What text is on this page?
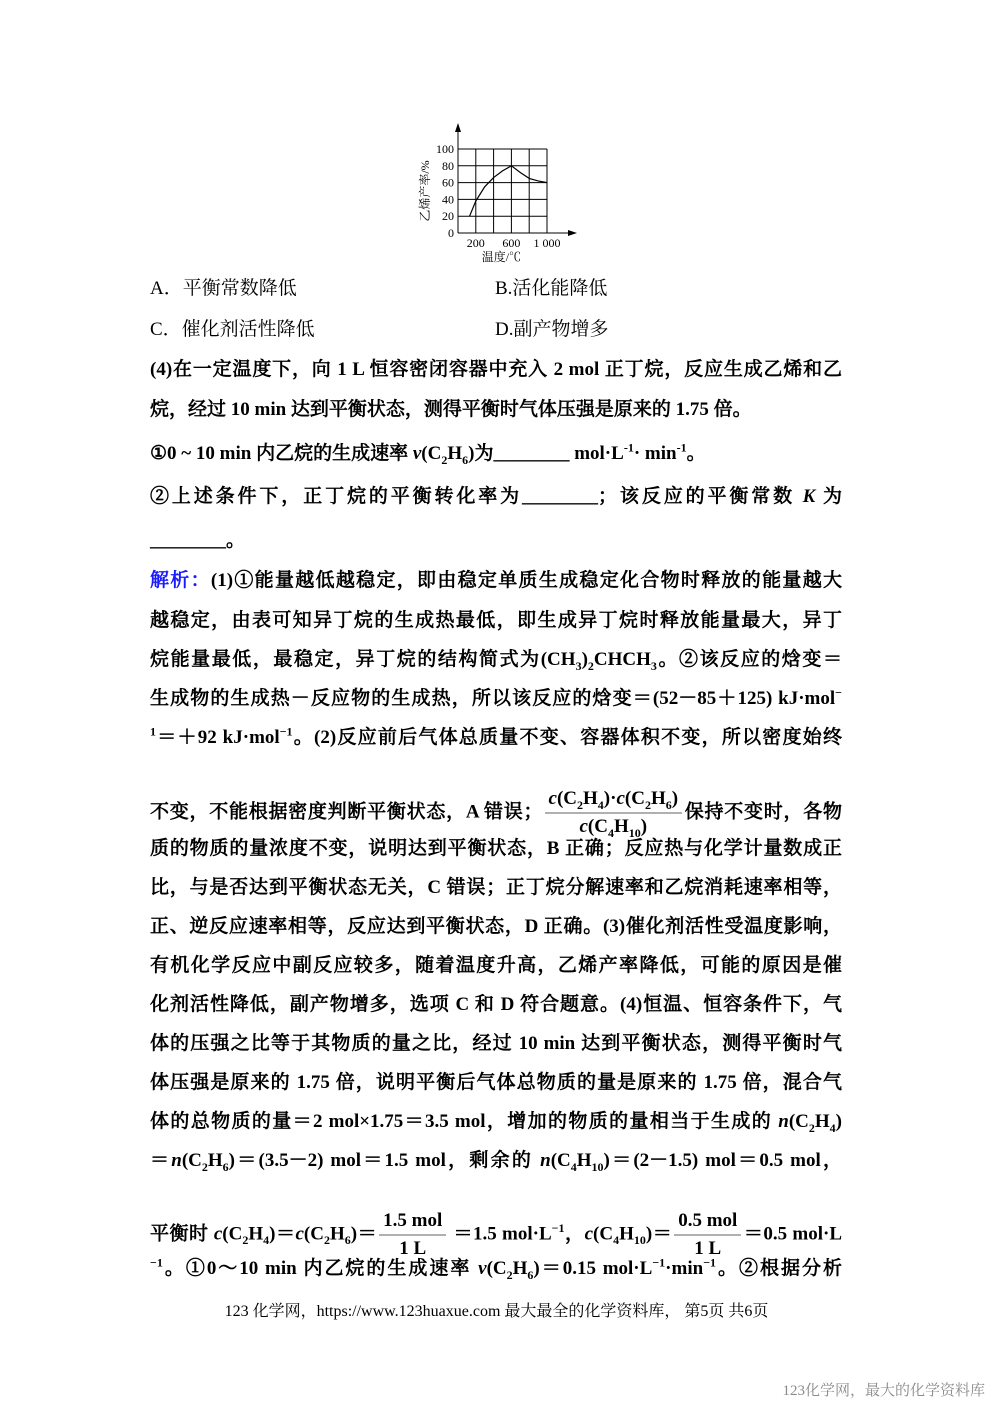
0
20
40
60
80
100
200 600 1 000
温度/℃
乙烯产率/%
A．平衡常数降低	B.活化能降低
C．催化剂活性降低	D.副产物增多
(4)在一定温度下，向 1 L 恒容密闭容器中充入 2 mol 正丁烷，反应生成乙烯和乙
烷，经过 10 min 达到平衡状态，测得平衡时气体压强是原来的 1.75 倍。
①0 ~ 10 min 内乙烷的生成速率 $v(C_2H_6)$为________ $mol\cdot L^{-1}\cdot \min^{-1}$。
②上述条件下，正丁烷的平衡转化率为________；该反应的平衡常数 K 为
________。
解析：(1)①能量越低越稳定，即由稳定单质生成稳定化合物时释放的能量越大
越稳定，由表可知异丁烷的生成热最低，即生成异丁烷时释放能量最大，异丁
烷能量最低，最稳定，异丁烷的结构简式为$(CH_3)_2CHCH_3$。②该反应的焓变＝
生成物的生成热－反应物的生成热，所以该反应的焓变＝(52－85＋125) kJ·mol−
$^1$＝＋92 kJ·mol$^{-1}$。(2)反应前后气体总质量不变、容器体积不变，所以密度始终
不变，不能根据密度判断平衡状态，A 错误； $\frac{c(C_2H_4)\cdot c(C_2H_6)}{c(C_4H_{10})}$ 保持不变时，各物
质的物质的量浓度不变，说明达到平衡状态，B 正确；反应热与化学计量数成正
比，与是否达到平衡状态无关，C 错误；正丁烷分解速率和乙烷消耗速率相等，
正、逆反应速率相等，反应达到平衡状态，D 正确。(3)催化剂活性受温度影响，
有机化学反应中副反应较多，随着温度升高，乙烯产率降低，可能的原因是催
化剂活性降低，副产物增多，选项 C 和 D 符合题意。(4)恒温、恒容条件下，气
体的压强之比等于其物质的量之比，经过 10 min 达到平衡状态，测得平衡时气
体压强是原来的 1.75 倍，说明平衡后气体总物质的量是原来的 1.75 倍，混合气
体的总物质的量＝2 mol×1.75＝3.5 mol，增加的物质的量相当于生成的 $n(C_2H_4)$
$=n(C_2H_6)=(3.5-2)$ mol＝1.5 mol，剩余的 $n(C_4H_{10})=(2-1.5)$ mol＝0.5 mol，
平衡时 $c(C_2H_4)=c(C_2H_6)= \frac{\text{1.5 mol}}{1 L} =1.5$ $mol\cdot L^{-1}$，$c(C_4H_{10})= \frac{\text{0.5 mol}}{1 L} =0.5$ mol·L
$^{-1}$。①0～10 min 内乙烷的生成速率 $v(C_2H_6)=0.15$ $mol\cdot L^{-1}\cdot\min^{-1}$。②根据分析
123 化学网，https://www.123huaxue.com 最大最全的化学资料库， 第5页 共6页
123化学网，最大的化学资料库
